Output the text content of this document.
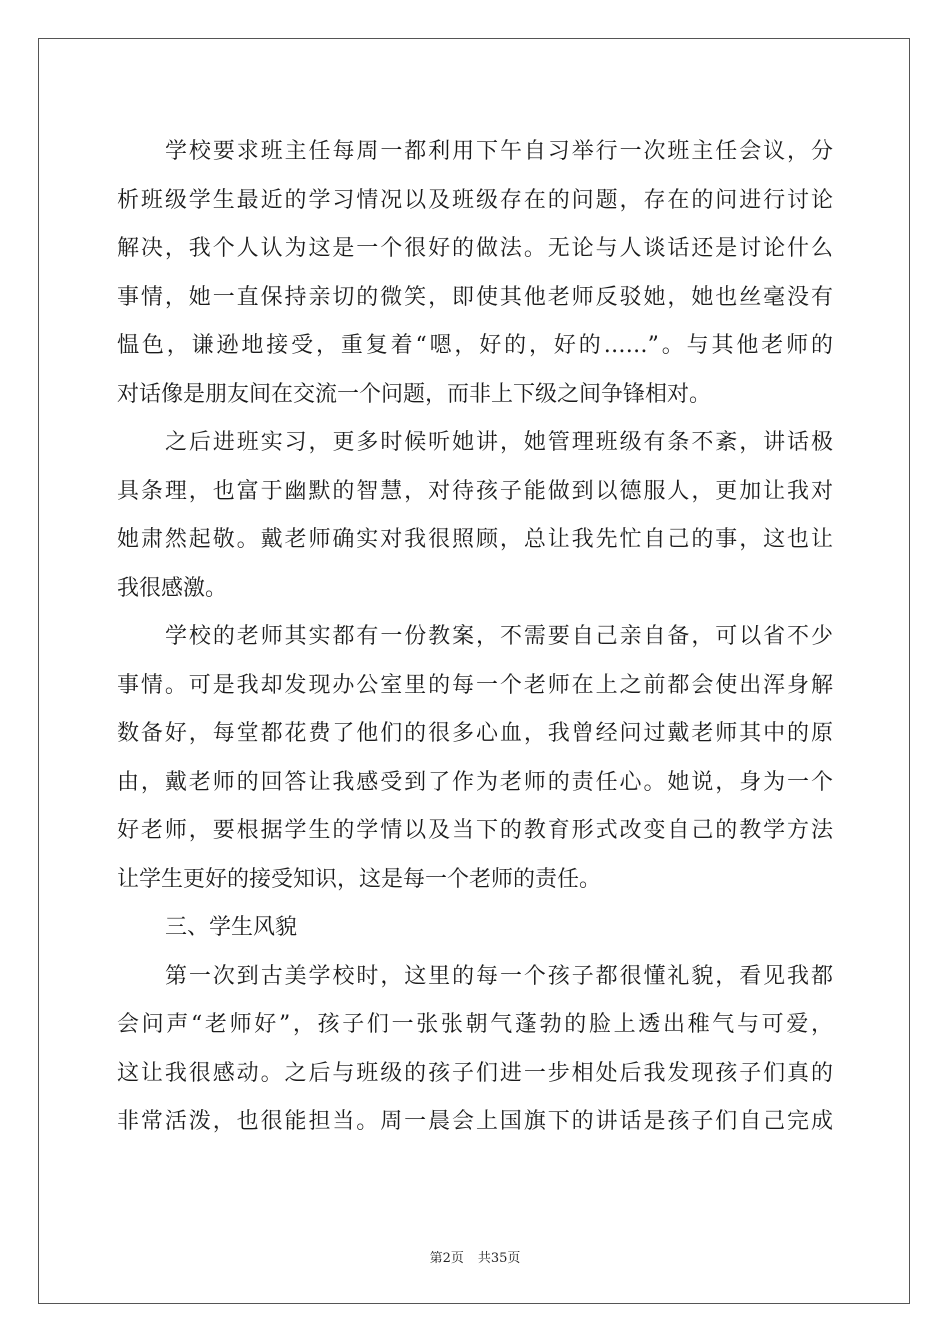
学校要求班主任每周一都利用下午自习举行一次班主任会议，分
析班级学生最近的学习情况以及班级存在的问题，存在的问进行讨论
解决，我个人认为这是一个很好的做法。无论与人谈话还是讨论什么
事情，她一直保持亲切的微笑，即使其他老师反驳她，她也丝毫没有
愠色，谦逊地接受，重复着“嗯，好的，好的……”。与其他老师的
对话像是朋友间在交流一个问题，而非上下级之间争锋相对。
之后进班实习，更多时候听她讲，她管理班级有条不紊，讲话极
具条理，也富于幽默的智慧，对待孩子能做到以德服人，更加让我对
她肃然起敬。戴老师确实对我很照顾，总让我先忙自己的事，这也让
我很感激。
学校的老师其实都有一份教案，不需要自己亲自备，可以省不少
事情。可是我却发现办公室里的每一个老师在上之前都会使出浑身解
数备好，每堂都花费了他们的很多心血，我曾经问过戴老师其中的原
由，戴老师的回答让我感受到了作为老师的责任心。她说，身为一个
好老师，要根据学生的学情以及当下的教育形式改变自己的教学方法
让学生更好的接受知识，这是每一个老师的责任。
三、学生风貌
第一次到古美学校时，这里的每一个孩子都很懂礼貌，看见我都
会问声“老师好”，孩子们一张张朝气蓬勃的脸上透出稚气与可爱，
这让我很感动。之后与班级的孩子们进一步相处后我发现孩子们真的
非常活泼，也很能担当。周一晨会上国旗下的讲话是孩子们自己完成
第2页 共35页
